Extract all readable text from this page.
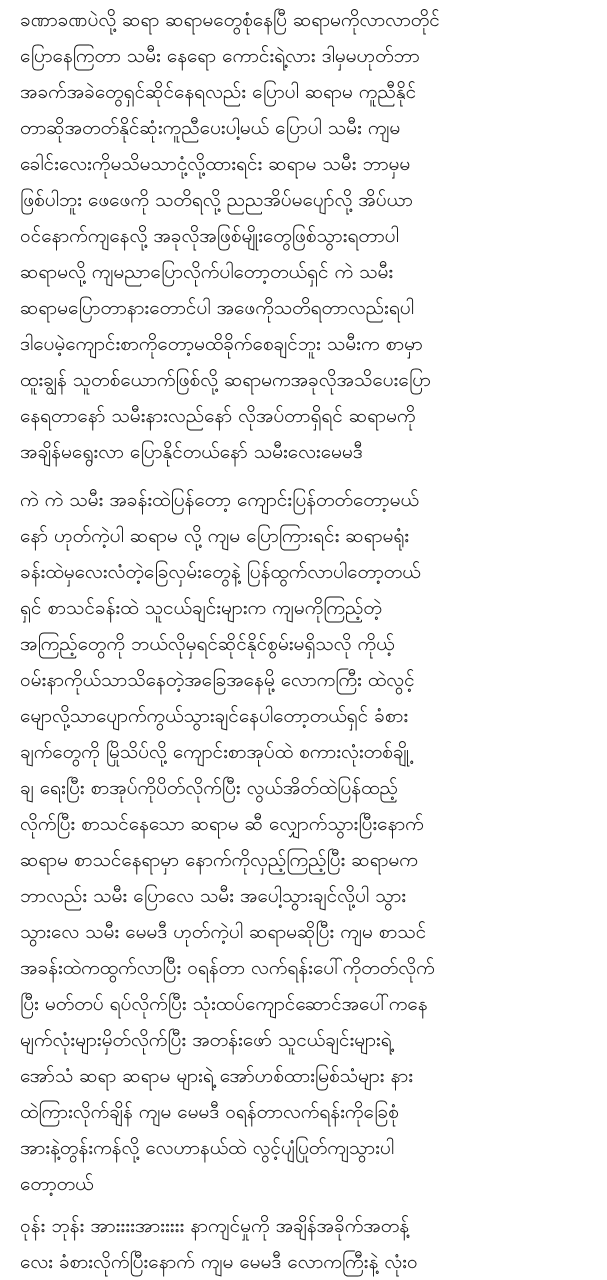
ခဏာခဏပဲလို့ ဆရာ ဆရာမတွေစုံနေပြီ ဆရာမကိုလာလာတိုင်
ပြောနေကြတာ သမီး နေရော ကောင်းရဲ့လား ဒါမှမဟုတ်ဘာ
အခက်အခဲတွေရှင်ဆိုင်နေရလည်း ပြောပါ ဆရာမ ကူညီနိုင်
တာဆိုအတတ်နိုင်ဆုံးကူညီပေးပါ့မယ် ပြောပါ သမီး ကျမ
ခေါင်းလေးကိုမသိမသာငုံ့လို့ထားရင်း ဆရာမ သမီး ဘာမှမ
ဖြစ်ပါဘူး ဖေဖေကို သတိရလို့ ညညအိပ်မပျော်လို့ အိပ်ယာ
ဝင်နောက်ကျနေလို့ အခုလိုအဖြစ်မျိုးတွေဖြစ်သွားရတာပါ
ဆရာမလို့ ကျမညာပြောလိုက်ပါတော့တယ်ရှင် ကဲ သမီး
ဆရာမပြောတာနားတောင်ပါ အဖေကိုသတိရတာလည်းရပါ
ဒါပေမဲ့ကျောင်းစာကိုတော့မထိခိုက်စေချင်ဘူး သမီးက စာမှာ
ထူးချွန် သူတစ်ယောက်ဖြစ်လို့ ဆရာမကအခုလိုအသိပေးပြော
နေရတာနော် သမီးနားလည်နော် လိုအပ်တာရှိရင် ဆရာမကို
အချိန်မရွေးလာ ပြောနိုင်တယ်နော် သမီးလေးမေမဒီ

ကဲ ကဲ သမီး အခန်းထဲပြန်တော့ ကျောင်းပြန်တတ်တော့မယ်
နော် ဟုတ်ကဲ့ပါ ဆရာမ လို့ ကျမ ပြောကြားရင်း ဆရာမရုံး
ခန်းထဲမှလေးလံတဲ့ခြေလှမ်းတွေနဲ့ ပြန်ထွက်လာပါတော့တယ်
ရှင် စာသင်ခန်းထဲ သူငယ်ချင်းများက ကျမကိုကြည့်တဲ့
အကြည့်တွေကို ဘယ်လိုမှရင်ဆိုင်နိုင်စွမ်းမရှိသလို ကိုယ့်
ဝမ်းနာကိုယ်သာသိနေတဲ့အခြေအနေမို့ လောကကြီး ထဲလွင့်
မျောလို့သာပျောက်ကွယ်သွားချင်နေပါတော့တယ်ရှင် ခံစား
ချက်တွေကို မြိုသိပ်လို့ ကျောင်းစာအုပ်ထဲ စကားလုံးတစ်ချို့
ချ ရေးပြီး စာအုပ်ကိုပိတ်လိုက်ပြီး လွယ်အိတ်ထဲပြန်ထည့်
လိုက်ပြီး စာသင်နေသော ဆရာမ ဆီ လျှောက်သွားပြီးနောက်
ဆရာမ စာသင်နေရာမှာ နောက်ကိုလှည့်ကြည့်ပြီး ဆရာမက
ဘာလည်း သမီး ပြောလေ သမီး အပေါ့သွားချင်လို့ပါ သွား
သွားလေ သမီး မေမဒီ ဟုတ်ကဲ့ပါ ဆရာမဆိုပြီး ကျမ စာသင်
အခန်းထဲကထွက်လာပြီး ဝရန်တာ လက်ရန်းပေါ်ကိုတတ်လိုက်
ပြီး မတ်တပ် ရပ်လိုက်ပြီး သုံးထပ်ကျောင်ဆောင်အပေါ်ကနေ
မျက်လုံးများမှိတ်လိုက်ပြီး အတန်းဖော် သူငယ်ချင်းများရဲ့
အော်သံ ဆရာ ဆရာမ များရဲ့ အော်ဟစ်ထားမြစ်သံများ နား
ထဲကြားလိုက်ချိန် ကျမ မေမဒီ ဝရန်တာလက်ရန်းကိုခြေစုံ
အားနဲ့တွန်းကန်လို့ လေဟာနယ်ထဲ လွင့်ပျံပြုတ်ကျသွားပါ
တော့တယ်

ဝုန်း ဘုန်း အားးးးအားးးးး နာကျင်မှုကို အချိန်အခိုက်အတန့်
လေး ခံစားလိုက်ပြီးနောက် ကျမ မေမဒီ လောကကြီးနဲ့ လုံးဝ
